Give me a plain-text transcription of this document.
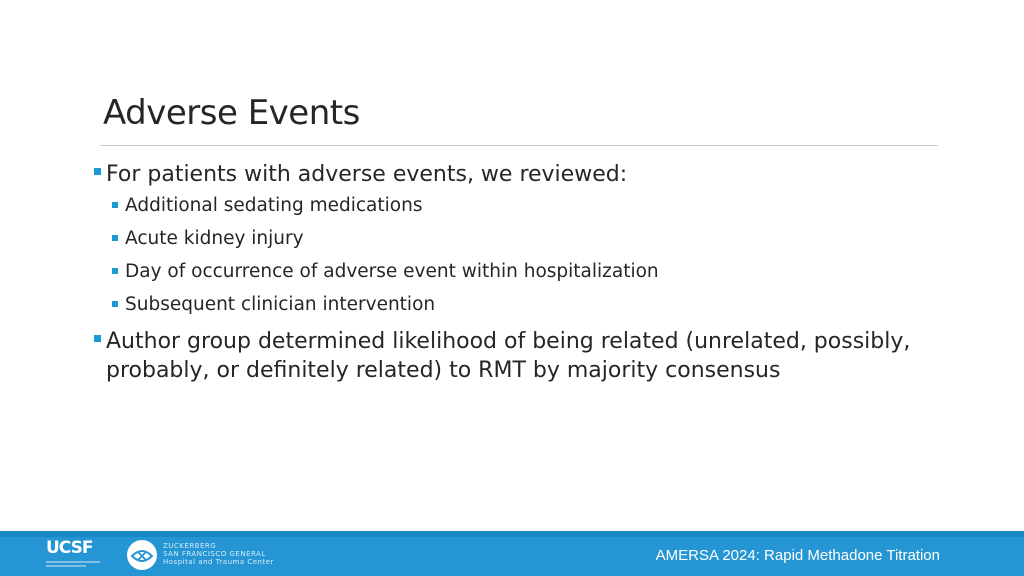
Adverse Events
For patients with adverse events, we reviewed:
Additional sedating medications
Acute kidney injury
Day of occurrence of adverse event within hospitalization
Subsequent clinician intervention
Author group determined likelihood of being related (unrelated, possibly,
probably, or definitely related) to RMT by majority consensus
UCSF	ZUCKERBERG
SAN FRANCISCO GENERAL
Hospital and Trauma Center	AMERSA 2024: Rapid Methadone Titration
